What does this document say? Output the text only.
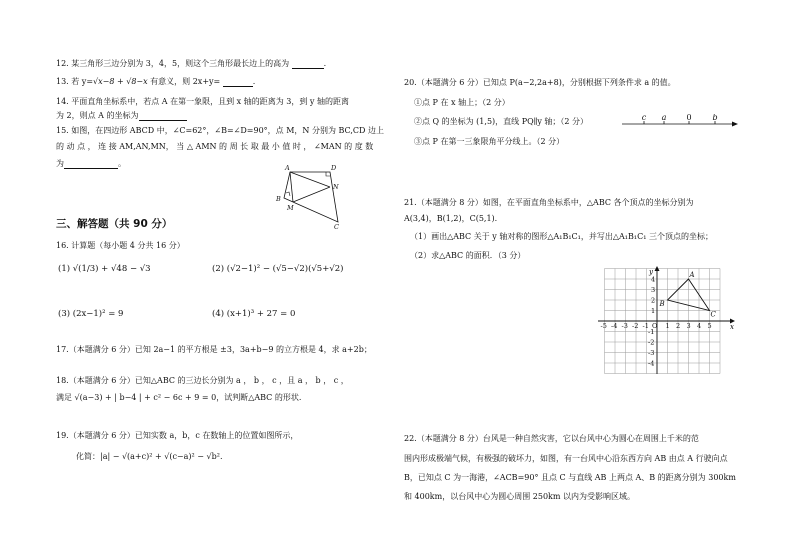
12. 某三角形三边分别为 3，4，5，则这个三角形最长边上的高为	.
13. 若 y=√x−8 + √8−x 有意义，则 2x+y=	.
14. 平面直角坐标系中，若点 A 在第一象限，且到 x 轴的距离为 3，到 y 轴的距离
为 2，则点 A 的坐标为
15. 如图，在四边形 ABCD 中，∠C=62°，∠B=∠D=90°，点 M，N 分别为 BC,CD 边上
的 动 点 ， 连 接 AM,AN,MN， 当 △ AMN 的 周 长 取 最 小 值 时 ， ∠MAN 的 度 数
为	。	A	D
B
M
N
C
三、解答题（共 90 分）
16. 计算题（每小题 4 分共 16 分）
(1) √(1/3) + √48 − √3	(2) (√2−1)² − (√5−√2)(√5+√2)
(3) (2x−1)² = 9	(4) (x+1)³ + 27 = 0
17.（本题满分 6 分）已知 2a−1 的平方根是 ±3，3a+b−9 的立方根是 4，求 a+2b；
18.（本题满分 6 分）已知△ABC 的三边长分别为 a ， b ， c ，且 a ， b ， c ，
满足 √(a−3) + | b−4 | + c² − 6c + 9 = 0，试判断△ABC 的形状.
19.（本题满分 6 分）已知实数 a，b，c 在数轴上的位置如图所示，
化简：|a| − √(a+c)² + √(c−a)² − √b².
20.（本题满分 6 分）已知点 P(a−2,2a+8)，分别根据下列条件求 a 的值。
①点 P 在 x 轴上；（2 分）
②点 Q 的坐标为 (1,5)，直线 PQ∥y 轴；（2 分）
③点 P 在第一三象限角平分线上。（2 分）
c a	0	b
21.（本题满分 8 分）如图，在平面直角坐标系中，△ABC 各个顶点的坐标分别为
A(3,4)，B(1,2)，C(5,1).
（1）画出△ABC 关于 y 轴对称的图形△A₁B₁C₁，并写出△A₁B₁C₁ 三个顶点的坐标；
（2）求△ABC 的面积．（3 分）
x
y
-5 -4 -3 -2 -1 O 1 2 3 4 5
4
3
2
1
-1
-2
-3
-4
A
B
C
22.（本题满分 8 分）台风是一种自然灾害，它以台风中心为圆心在周围上千米的范
围内形成极端气候，有极强的破坏力，如图，有一台风中心沿东西方向 AB 由点 A 行驶向点
B，已知点 C 为一海港，∠ACB=90° 且点 C 与直线 AB 上两点 A、B 的距离分别为 300km
和 400km，以台风中心为圆心周围 250km 以内为受影响区域。
